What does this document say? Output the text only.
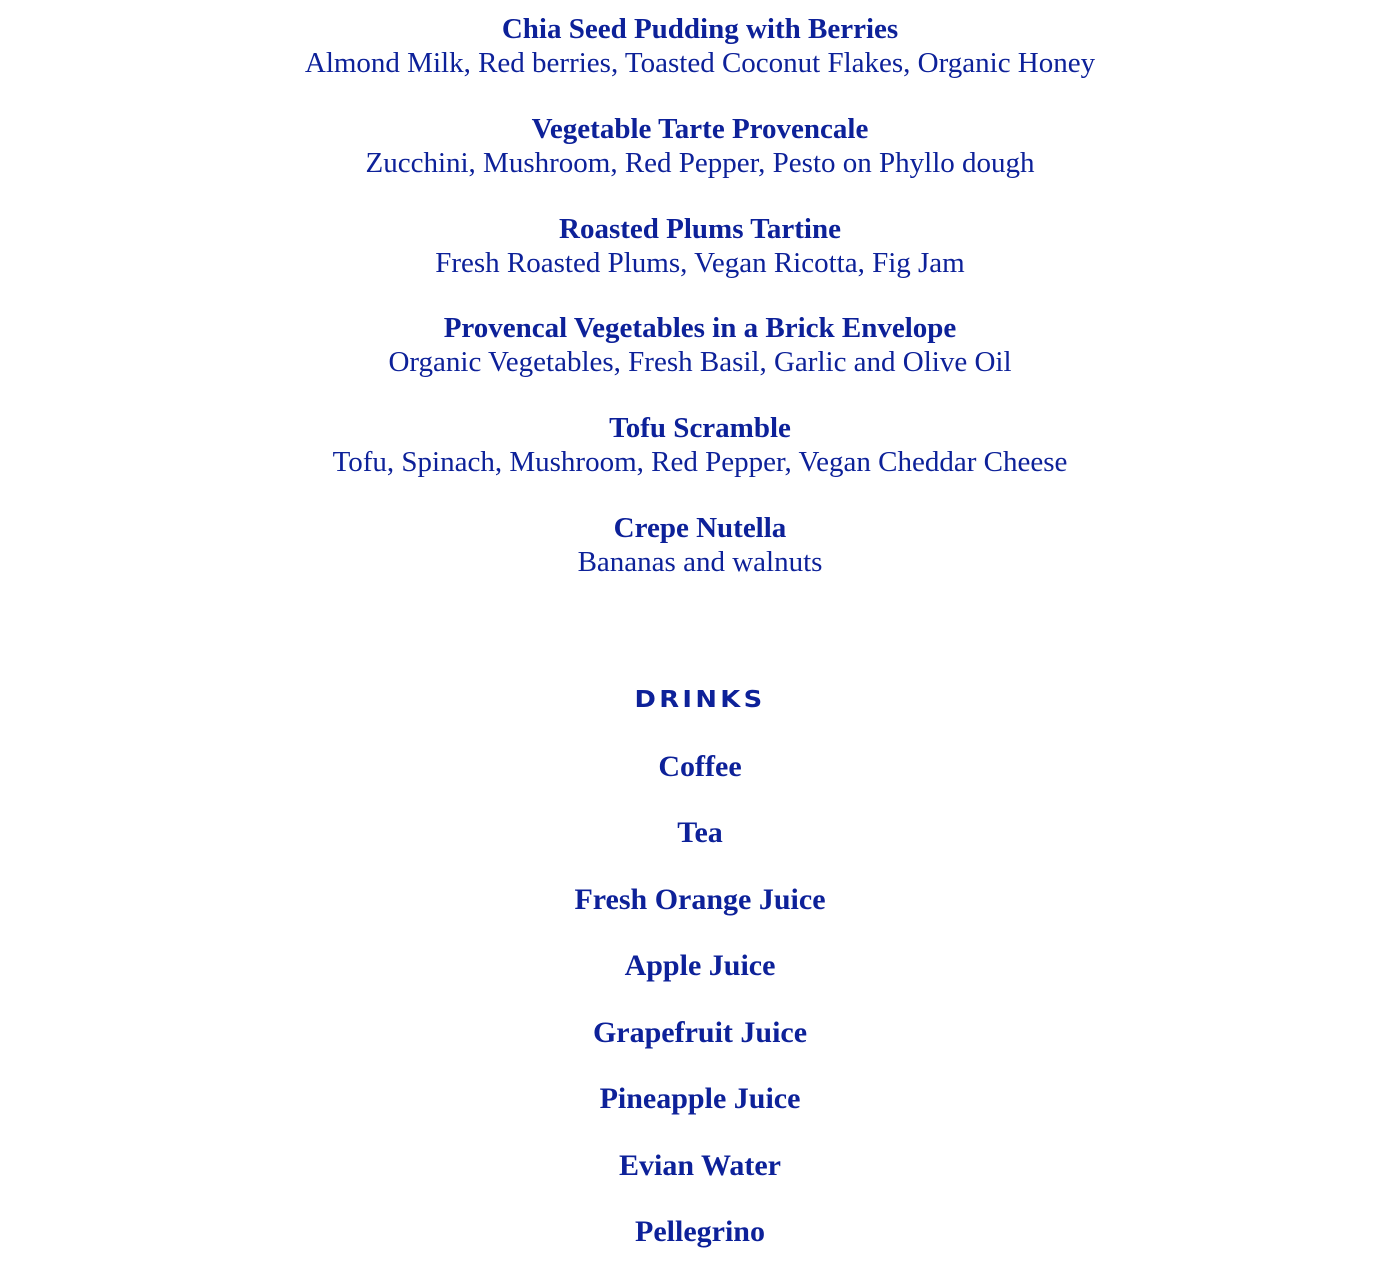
Chia Seed Pudding with Berries
Almond Milk, Red berries, Toasted Coconut Flakes, Organic Honey
Vegetable Tarte Provencale
Zucchini, Mushroom, Red Pepper, Pesto on Phyllo dough
Roasted Plums Tartine
Fresh Roasted Plums, Vegan Ricotta, Fig Jam
Provencal Vegetables in a Brick Envelope
Organic Vegetables, Fresh Basil, Garlic and Olive Oil
Tofu Scramble
Tofu, Spinach, Mushroom, Red Pepper, Vegan Cheddar Cheese
Crepe Nutella
Bananas and walnuts
DRINKS
Coffee
Tea
Fresh Orange Juice
Apple Juice
Grapefruit Juice
Pineapple Juice
Evian Water
Pellegrino
